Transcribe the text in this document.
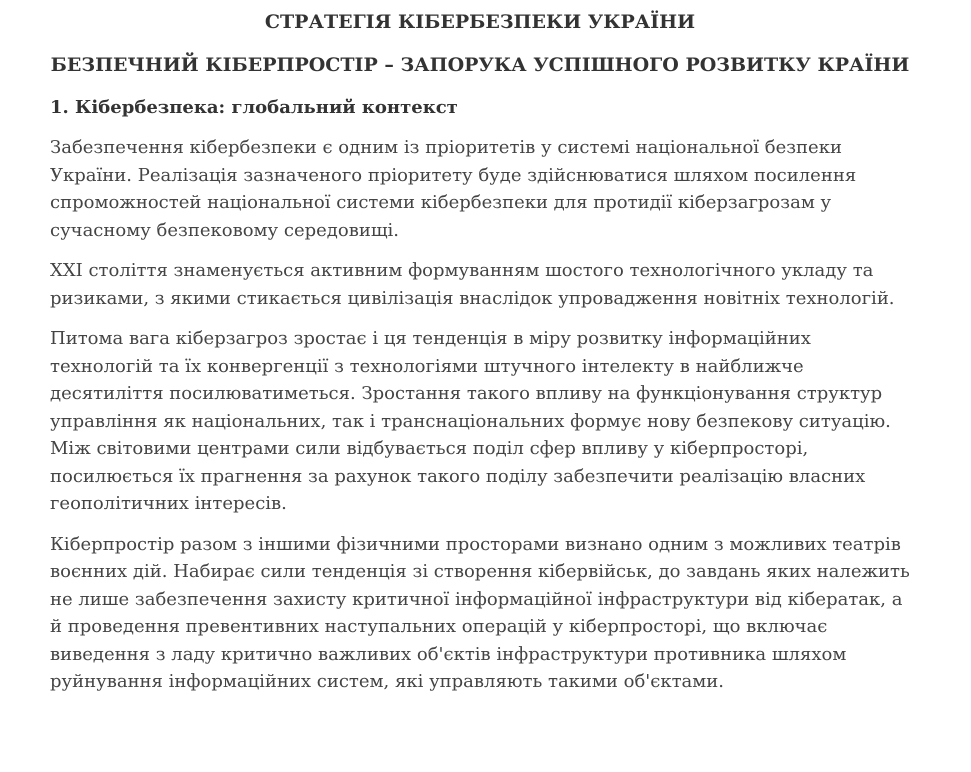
СТРАТЕГІЯ КІБЕРБЕЗПЕКИ УКРАЇНИ
БЕЗПЕЧНИЙ КІБЕРПРОСТІР – ЗАПОРУКА УСПІШНОГО РОЗВИТКУ КРАЇНИ
1. Кібербезпека: глобальний контекст

Забезпечення кібербезпеки є одним із пріоритетів у системі національної безпеки України. Реалізація зазначеного пріоритету буде здійснюватися шляхом посилення спроможностей національної системи кібербезпеки для протидії кіберзагрозам у сучасному безпековому середовищі.

XXI століття знаменується активним формуванням шостого технологічного укладу та ризиками, з якими стикається цивілізація внаслідок упровадження новітніх технологій.

Питома вага кіберзагроз зростає і ця тенденція в міру розвитку інформаційних технологій та їх конвергенції з технологіями штучного інтелекту в найближче десятиліття посилюватиметься. Зростання такого впливу на функціонування структур управління як національних, так і транснаціональних формує нову безпекову ситуацію. Між світовими центрами сили відбувається поділ сфер впливу у кіберпросторі, посилюється їх прагнення за рахунок такого поділу забезпечити реалізацію власних геополітичних інтересів.

Кіберпростір разом з іншими фізичними просторами визнано одним з можливих театрів воєнних дій. Набирає сили тенденція зі створення кібервійськ, до завдань яких належить не лише забезпечення захисту критичної інформаційної інфраструктури від кібератак, а й проведення превентивних наступальних операцій у кіберпросторі, що включає виведення з ладу критично важливих об'єктів інфраструктури противника шляхом руйнування інформаційних систем, які управляють такими об'єктами.
